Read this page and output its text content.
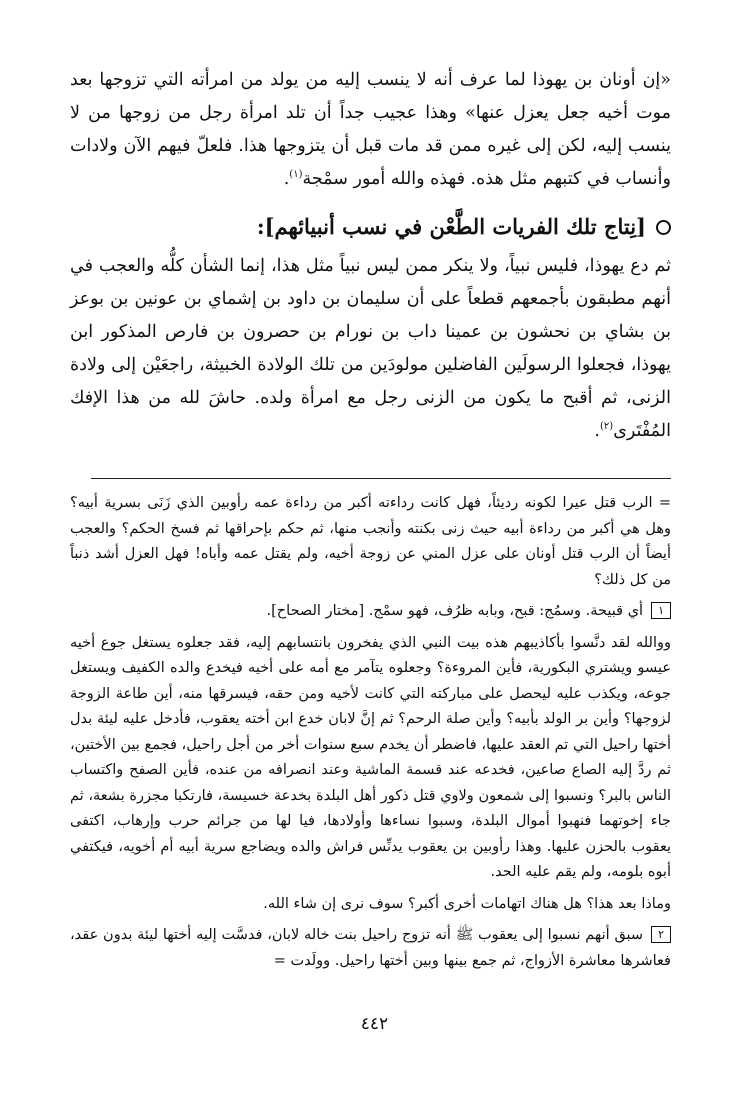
«إن أونان بن يهوذا لما عرف أنه لا ينسب إليه من يولد من امرأته التي تزوجها بعد موت أخيه جعل يعزل عنها» وهذا عجيب جداً أن تلد امرأة رجل من زوجها من لا ينسب إليه، لكن إلى غيره ممن قد مات قبل أن يتزوجها هذا. فلعلّ فيهم الآن ولادات وأنساب في كتبهم مثل هذه. فهذه والله أمور سمْجة$^{(١)}$.

[نِتاج تلك الفريات الطَّعْن في نسب أنبيائهم]:

ثم دع يهوذا، فليس نبياً، ولا ينكر ممن ليس نبياً مثل هذا، إنما الشأن كلُّه والعجب في أنهم مطبقون بأجمعهم قطعاً على أن سليمان بن داود بن إشماي بن عونين بن بوعز بن بشاي بن نحشون بن عمينا داب بن نورام بن حصرون بن فارص المذكور ابن يهوذا، فجعلوا الرسولَين الفاضلين مولودَين من تلك الولادة الخبيثة، راجعَيْن إلى ولادة الزنى، ثم أقبح ما يكون من الزنى رجل مع امرأة ولده. حاشَ لله من هذا الإفك المُفْتَرى$^{(٢)}$.

= الرب قتل عيرا لكونه رديئاً، فهل كانت رداءته أكبر من رداءة عمه رأوبين الذي زَنَى بسرية أبيه؟ وهل هي أكبر من رداءة أبيه حيث زنى بكنته وأنجب منها، ثم حكم بإحراقها ثم فسخ الحكم؟ والعجب أيضاً أن الرب قتل أونان على عزل المني عن زوجة أخيه، ولم يقتل عمه وأباه! فهل العزل أشد ذنباً من كل ذلك؟

١أي قبيحة. وسمُج: قبح، وبابه ظرُف، فهو سمْج. [مختار الصحاح].

ووالله لقد دنَّسوا بأكاذيبهم هذه بيت النبي الذي يفخرون بانتسابهم إليه، فقد جعلوه يستغل جوع أخيه عيسو ويشتري البكورية، فأين المروءة؟ وجعلوه يتآمر مع أمه على أخيه فيخدع والده الكفيف ويستغل جوعه، ويكذب عليه ليحصل على مباركته التي كانت لأخيه ومن حقه، فيسرقها منه، أين طاعة الزوجة لزوجها؟ وأين بر الولد بأبيه؟ وأين صلة الرحم؟ ثم إنَّ لابان خدع ابن أخته يعقوب، فأدخل عليه ليئة بدل أختها راحيل التي تم العقد عليها، فاضطر أن يخدم سبع سنوات أخر من أجل راحيل، فجمع بين الأختين، ثم ردَّ إليه الصاع صاعين، فخدعه عند قسمة الماشية وعند انصرافه من عنده، فأين الصفح واكتساب الناس بالبر؟ ونسبوا إلى شمعون ولاوي قتل ذكور أهل البلدة بخدعة خسيسة، فارتكبا مجزرة بشعة، ثم جاء إخوتهما فنهبوا أموال البلدة، وسبوا نساءها وأولادها، فيا لها من جرائم حرب وإرهاب، اكتفى يعقوب بالحزن عليها. وهذا رأوبين بن يعقوب يدنِّس فراش والده ويضاجع سرية أبيه أم أخويه، فيكتفي أبوه بلومه، ولم يقم عليه الحد.

وماذا بعد هذا؟ هل هناك اتهامات أخرى أكبر؟ سوف نرى إن شاء الله.

٢سبق أنهم نسبوا إلى يعقوب ﷺ أنه تزوج راحيل بنت خاله لابان، فدسَّت إليه أختها ليئة بدون عقد، فعاشرها معاشرة الأزواج، ثم جمع بينها وبين أختها راحيل. وولَدت =

٤٤٢
